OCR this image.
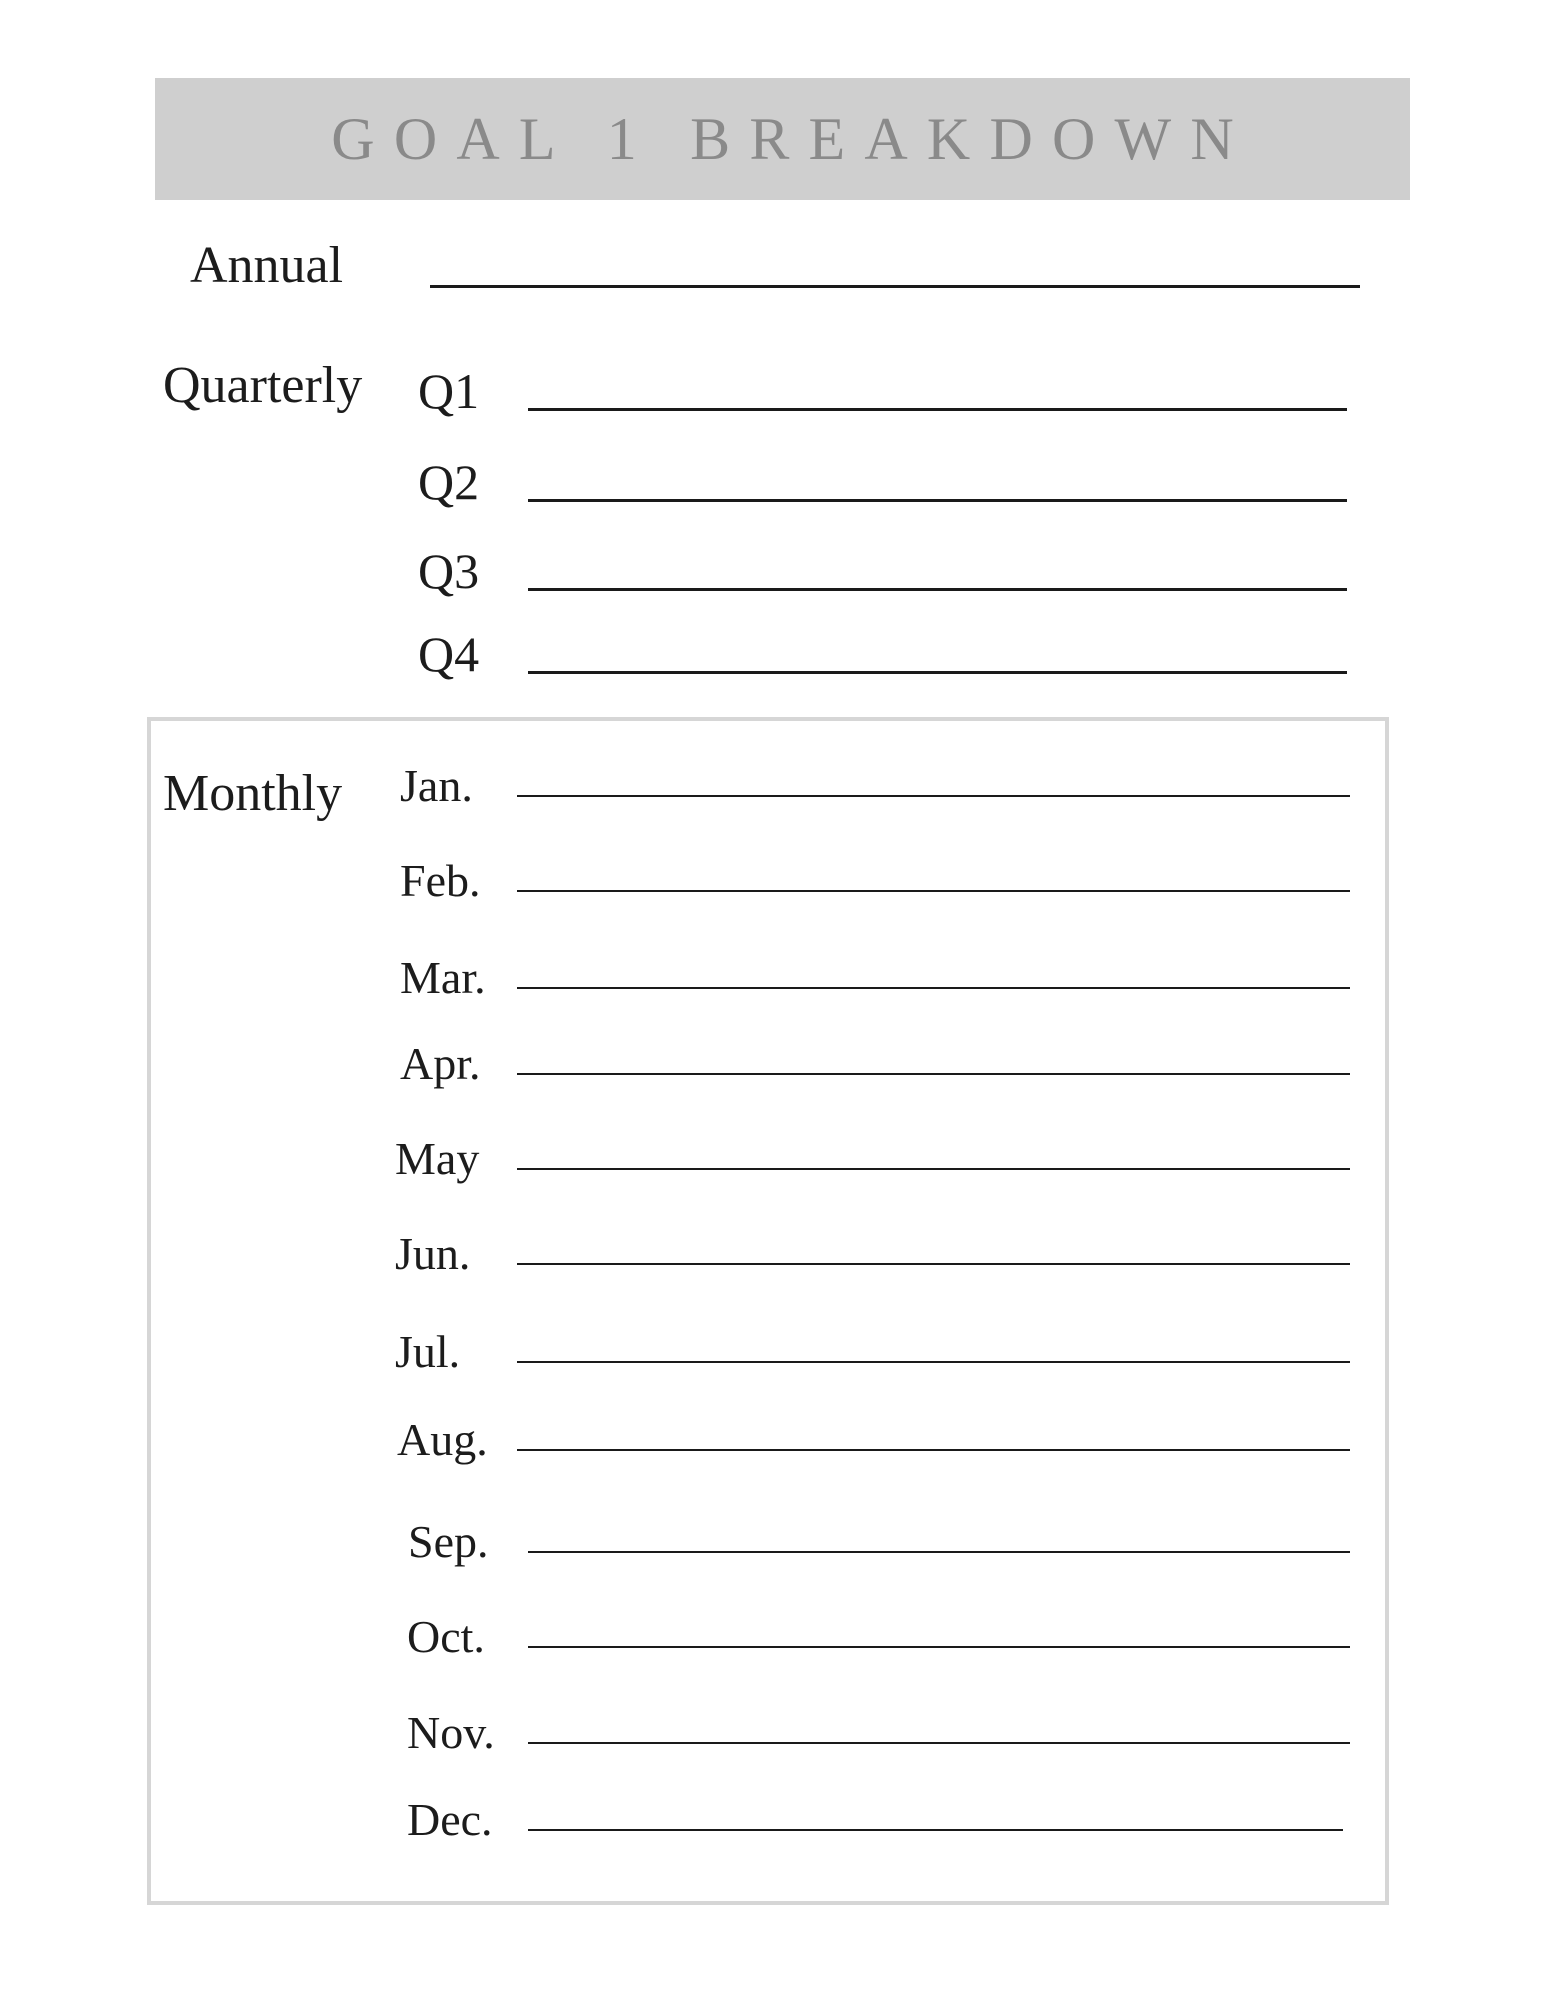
GOAL 1 BREAKDOWN
Annual
Quarterly Q1
Q2
Q3
Q4
Monthly Jan.
Feb.
Mar.
Apr.
May
Jun.
Jul.
Aug.
Sep.
Oct.
Nov.
Dec.
